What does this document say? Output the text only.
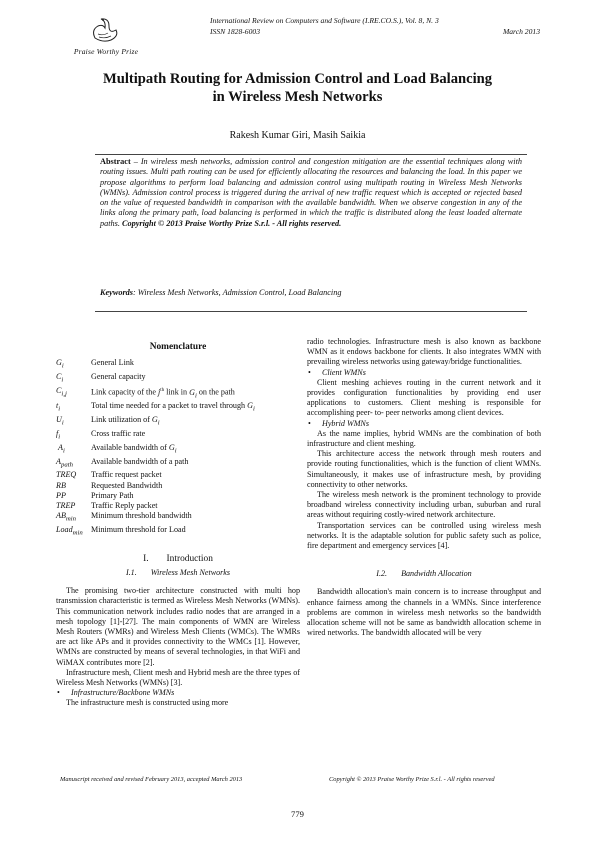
Praise Worthy Prize
International Review on Computers and Software (I.RE.CO.S.), Vol. 8, N. 3
ISSN 1828-6003	March 2013
Multipath Routing for Admission Control and Load Balancing
in Wireless Mesh Networks
Rakesh Kumar Giri, Masih Saikia
Abstract – In wireless mesh networks, admission control and congestion mitigation are the essential techniques along with routing issues. Multi path routing can be used for efficiently allocating the resources and balancing the load. In this paper we propose algorithms to perform load balancing and admission control using multipath routing in Wireless Mesh Networks (WMNs). Admission control process is triggered during the arrival of new traffic request which is accepted or rejected based on the value of requested bandwidth in comparison with the available bandwidth. When we observe congestion in any of the links along the primary path, load balancing is performed in which the traffic is distributed along the least loaded alternate paths. Copyright © 2013 Praise Worthy Prize S.r.l. - All rights reserved.
Keywords: Wireless Mesh Networks, Admission Control, Load Balancing
Nomenclature
$G_i$	General Link
$C_i$	General capacity
$C_{i,j}$	Link capacity of the $j^{th}$ link in $G_i$ on the path
$t_i$	Total time needed for a packet to travel through $G_i$
$U_i$	Link utilization of $G_i$
$f_i$	Cross traffic rate
$A_i$	Available bandwidth of $G_i$
$A_{path}$	Available bandwidth of a path
TREQ	Traffic request packet
RB	Requested Bandwidth
PP	Primary Path
TREP	Traffic Reply packet
$AB_{min}$	Minimum threshold bandwidth
Load$_{min}$	Minimum threshold for Load
I. Introduction
I.1. Wireless Mesh Networks

The promising two-tier architecture constructed with multi hop transmission characteristic is termed as Wireless Mesh Networks (WMNs). This communication network includes radio nodes that are arranged in a mesh topology [1]-[27]. The main components of WMN are Wireless Mesh Routers (WMRs) and Wireless Mesh Clients (WMCs). The WMRs are act like APs and it provides connectivity to the WMCs [1]. However, WMNs are constructed by means of several technologies, in that WiFi and WiMAX contributes more [2].

Infrastructure mesh, Client mesh and Hybrid mesh are the three types of Wireless Mesh Networks (WMNs) [3].

•	Infrastructure/Backbone WMNs

The infrastructure mesh is constructed using more

radio technologies. Infrastructure mesh is also known as backbone WMN as it endows backbone for clients. It also integrates WMN with prevailing wireless networks using gateway/bridge functionalities.

•	Client WMNs

Client meshing achieves routing in the current network and it provides configuration functionalities by providing end user applications to customers. Client meshing is responsible for accomplishing peer- to- peer networks among client devices.

•	Hybrid WMNs

As the name implies, hybrid WMNs are the combination of both infrastructure and client meshing.

This architecture access the network through mesh routers and provide routing functionalities, which is the function of client WMNs. Simultaneously, it makes use of infrastructure mesh, by providing connectivity to other networks.

The wireless mesh network is the prominent technology to provide broadband wireless connectivity including urban, suburban and rural areas without requiring costly-wired network architecture.

Transportation services can be controlled using wireless mesh networks. It is the adaptable solution for public safety such as police, fire department and emergency services [4].

I.2. Bandwidth Allocation

Bandwidth allocation's main concern is to increase throughput and enhance fairness among the channels in a WMNs. Since interference problems are common in wireless mesh networks so the bandwidth allocation scheme will not be same as bandwidth allocation scheme in wired networks. The bandwidth allocated will be very

Manuscript received and revised February 2013, accepted March 2013	Copyright © 2013 Praise Worthy Prize S.r.l. - All rights reserved
779
